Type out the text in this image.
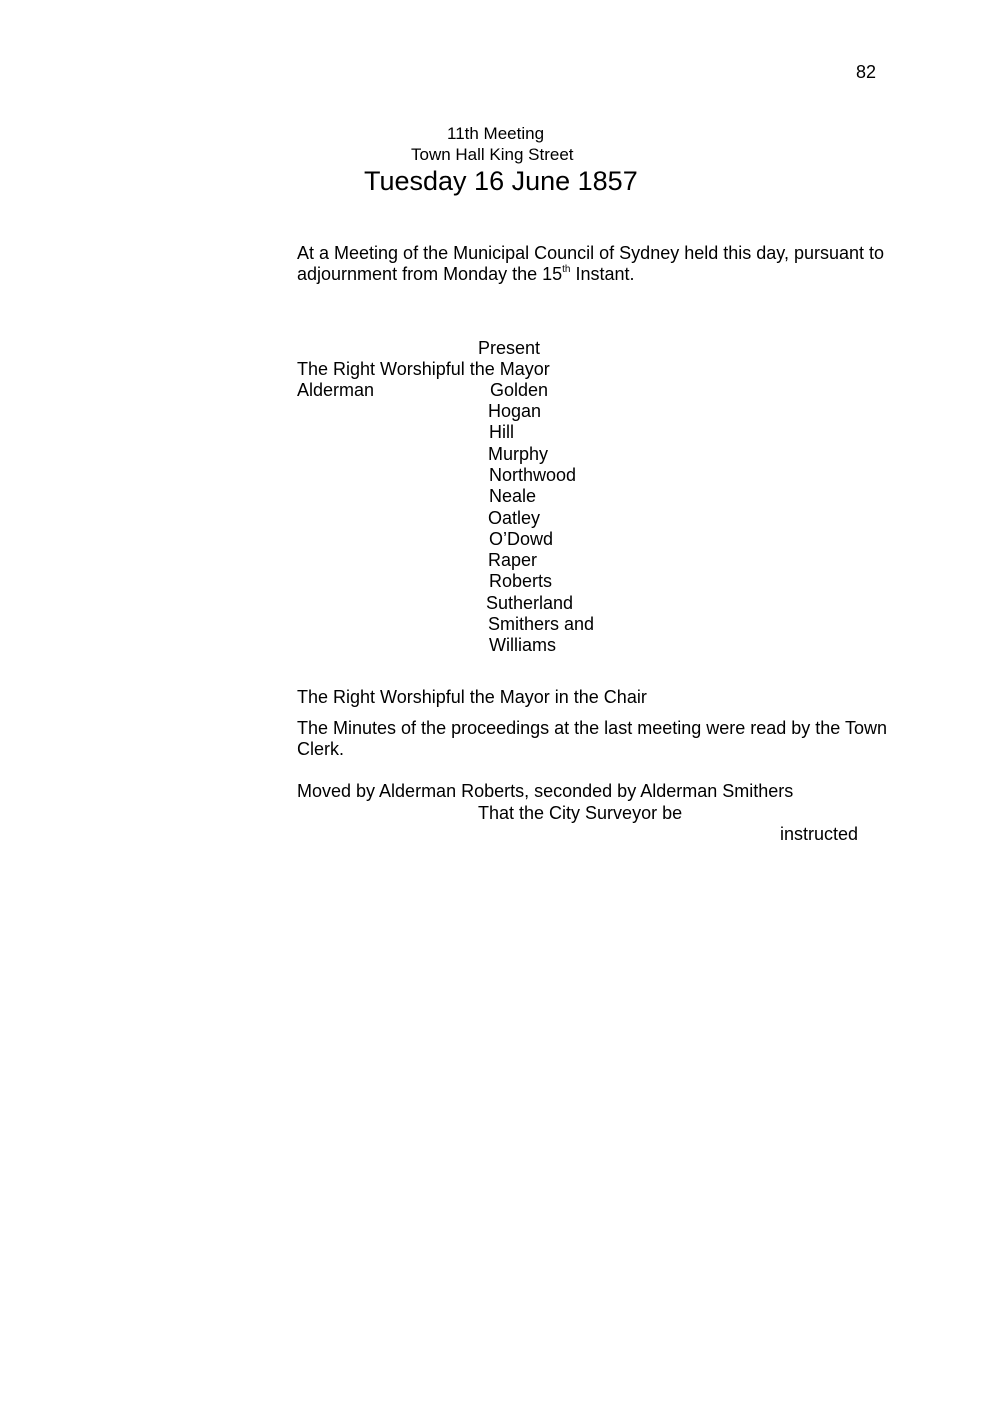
82
11th Meeting
Town Hall King Street
Tuesday 16 June 1857
At a Meeting of the Municipal Council of Sydney held this day, pursuant to
adjournment from Monday the 15th Instant.
Present
The Right Worshipful the Mayor
Alderman	Golden
Hogan
Hill
Murphy
Northwood
Neale
Oatley
O’Dowd
Raper
Roberts
Sutherland
Smithers and
Williams
The Right Worshipful the Mayor in the Chair
The Minutes of the proceedings at the last meeting were read by the Town
Clerk.
Moved by Alderman Roberts, seconded by Alderman Smithers
That the City Surveyor be
instructed
